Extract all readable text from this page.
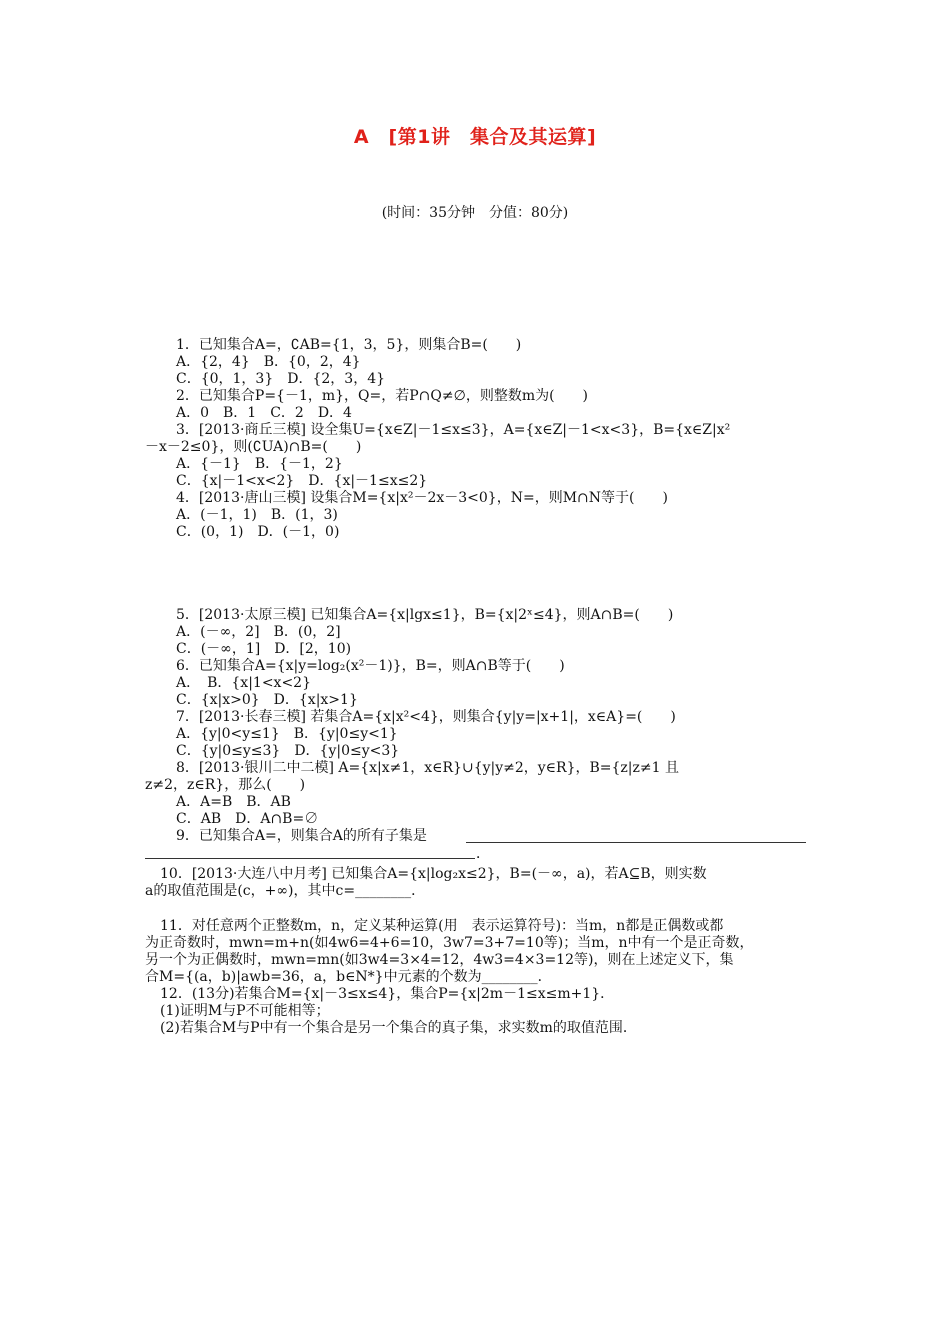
A　[第1讲　集合及其运算]
(时间：35分钟　分值：80分)
1．已知集合A=，∁AB={1，3，5}，则集合B=(　　)
A．{2，4}　B．{0，2，4}
C．{0，1，3}　D．{2，3，4}
2．已知集合P={－1，m}，Q=，若P∩Q≠∅，则整数m为(　　)
A．0　B．1　C．2　D．4
3．[2013·商丘三模] 设全集U={x∈Z|－1≤x≤3}，A={x∈Z|－1<x<3}，B={x∈Z|x²
－x－2≤0}，则(∁UA)∩B=(　　)
A．{－1}　B．{－1，2}
C．{x|－1<x<2}　D．{x|－1≤x≤2}
4．[2013·唐山三模] 设集合M={x|x²－2x－3<0}，N=，则M∩N等于(　　)
A．(－1，1)　B．(1，3)
C．(0，1)　D．(－1，0)
5．[2013·太原三模] 已知集合A={x|lgx≤1}，B={x|2ˣ≤4}，则A∩B=(　　)
A．(－∞，2]　B．(0，2]
C．(－∞，1]　D．[2，10)
6．已知集合A={x|y=log₂(x²－1)}，B=，则A∩B等于(　　)
A．　B．{x|1<x<2}
C．{x|x>0}　D．{x|x>1}
7．[2013·长春三模] 若集合A={x|x²<4}，则集合{y|y=|x+1|，x∈A}=(　　)
A．{y|0<y≤1}　B．{y|0≤y<1}
C．{y|0≤y≤3}　D．{y|0≤y<3}
8．[2013·银川二中二模] A={x|x≠1，x∈R}∪{y|y≠2，y∈R}，B={z|z≠1 且
z≠2，z∈R}，那么(　　)
A．A=B　B．AB
C．AB　D．A∩B=∅
9．已知集合A=，则集合A的所有子集是
．
10．[2013·大连八中月考] 已知集合A={x|log₂x≤2}，B=(－∞，a)，若A⊆B，则实数
a的取值范围是(c，+∞)，其中c=________．
11．对任意两个正整数m，n，定义某种运算(用　表示运算符号)：当m，n都是正偶数或都
为正奇数时，mwn=m+n(如4w6=4+6=10，3w7=3+7=10等)；当m，n中有一个是正奇数，
另一个为正偶数时，mwn=mn(如3w4=3×4=12，4w3=4×3=12等)，则在上述定义下，集
合M={(a，b)|awb=36，a，b∈N*}中元素的个数为________．
12．(13分)若集合M={x|－3≤x≤4}，集合P={x|2m－1≤x≤m+1}．
(1)证明M与P不可能相等；
(2)若集合M与P中有一个集合是另一个集合的真子集，求实数m的取值范围．
